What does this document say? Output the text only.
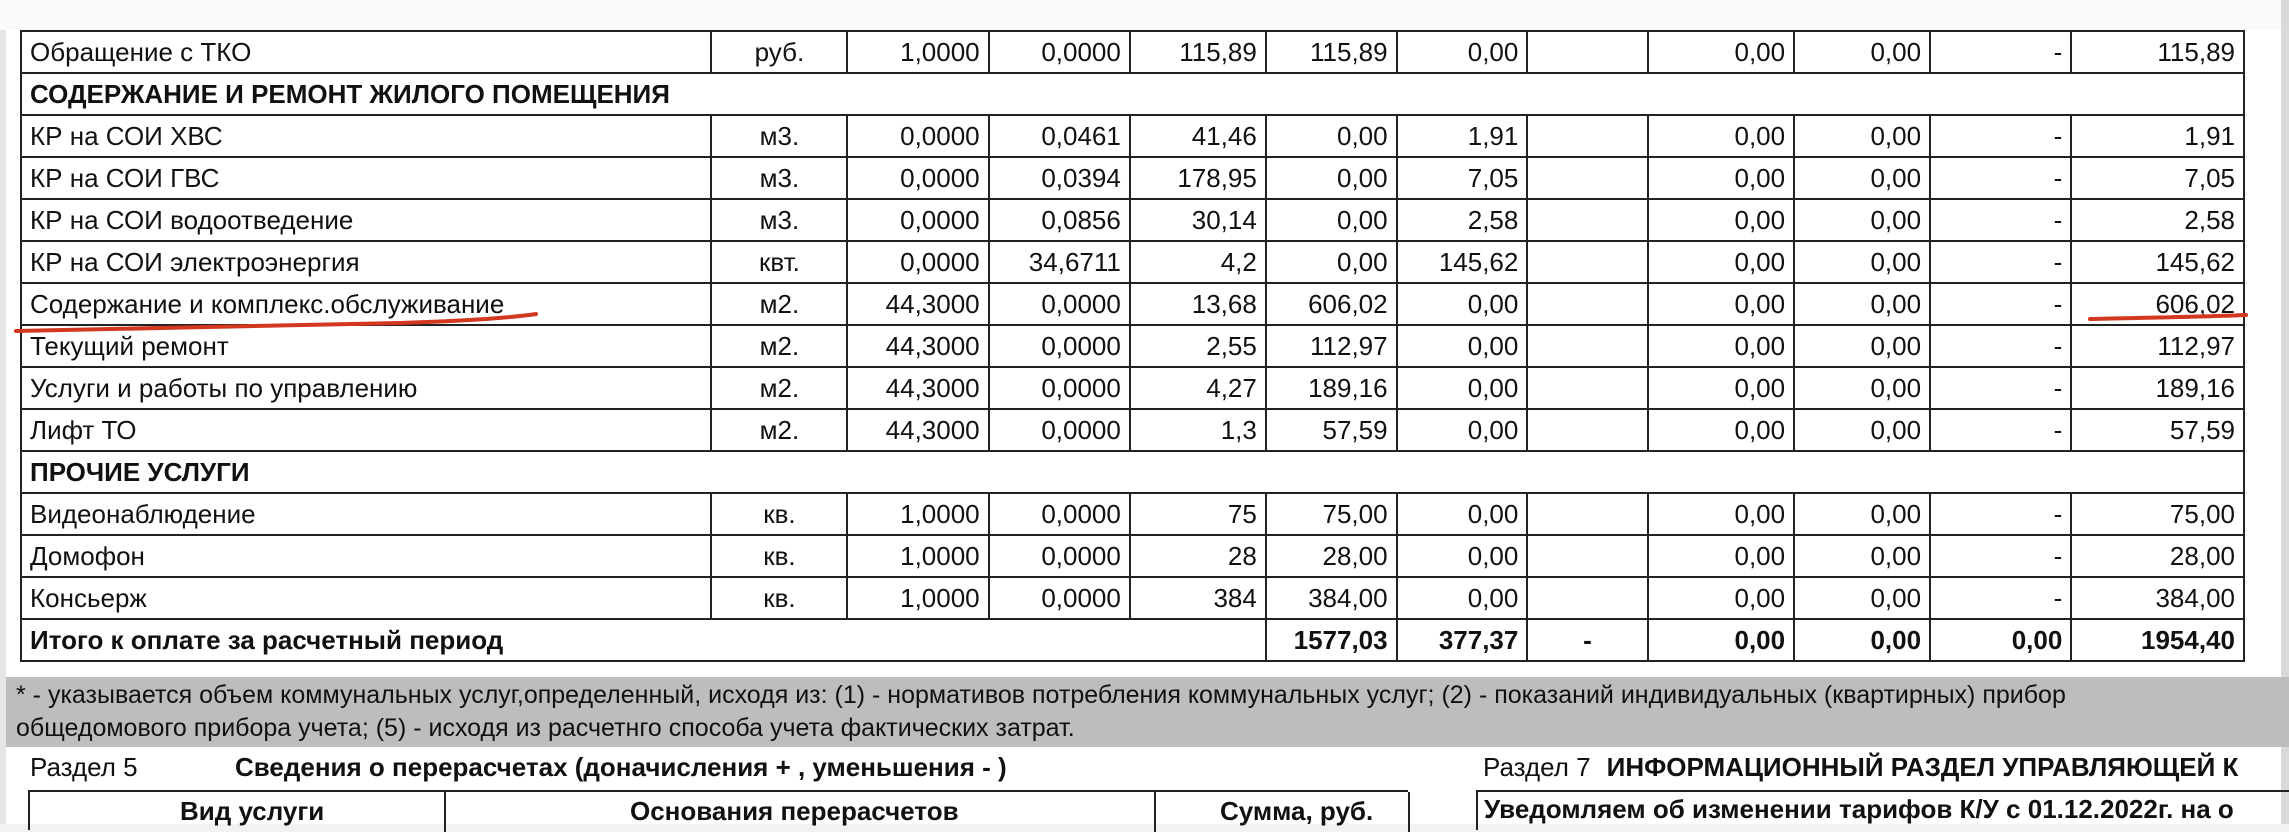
Обращение с ТКО	руб.	1,0000	0,0000	115,89	115,89	0,00		0,00	0,00	-	115,89
СОДЕРЖАНИЕ И РЕМОНТ ЖИЛОГО ПОМЕЩЕНИЯ											
КР на СОИ ХВС	м3.	0,0000	0,0461	41,46	0,00	1,91		0,00	0,00	-	1,91
КР на СОИ ГВС	м3.	0,0000	0,0394	178,95	0,00	7,05		0,00	0,00	-	7,05
КР на СОИ водоотведение	м3.	0,0000	0,0856	30,14	0,00	2,58		0,00	0,00	-	2,58
КР на СОИ электроэнергия	квт.	0,0000	34,6711	4,2	0,00	145,62		0,00	0,00	-	145,62
Содержание и комплекс.обслуживание	м2.	44,3000	0,0000	13,68	606,02	0,00		0,00	0,00	-	606,02
Текущий ремонт	м2.	44,3000	0,0000	2,55	112,97	0,00		0,00	0,00	-	112,97
Услуги и работы по управлению	м2.	44,3000	0,0000	4,27	189,16	0,00		0,00	0,00	-	189,16
Лифт ТО	м2.	44,3000	0,0000	1,3	57,59	0,00		0,00	0,00	-	57,59
ПРОЧИЕ УСЛУГИ											
Видеонаблюдение	кв.	1,0000	0,0000	75	75,00	0,00		0,00	0,00	-	75,00
Домофон	кв.	1,0000	0,0000	28	28,00	0,00		0,00	0,00	-	28,00
Консьерж	кв.	1,0000	0,0000	384	384,00	0,00		0,00	0,00	-	384,00
Итого к оплате за расчетный период					1577,03	377,37	-	0,00	0,00	0,00	1954,40
* - указывается объем коммунальных услуг,определенный, исходя из: (1) - нормативов потребления коммунальных услуг; (2) - показаний индивидуальных (квартирных) прибор
общедомового прибора учета; (5) - исходя из расчетнго способа учета фактических затрат.
Раздел 5	Сведения о перерасчетах (доначисления + , уменьшения - )
Вид услуги	Основания перерасчетов	Сумма, руб.
Раздел 7 ИНФОРМАЦИОННЫЙ РАЗДЕЛ УПРАВЛЯЮЩЕЙ К
Уведомляем об изменении тарифов К/У с 01.12.2022г. на о
